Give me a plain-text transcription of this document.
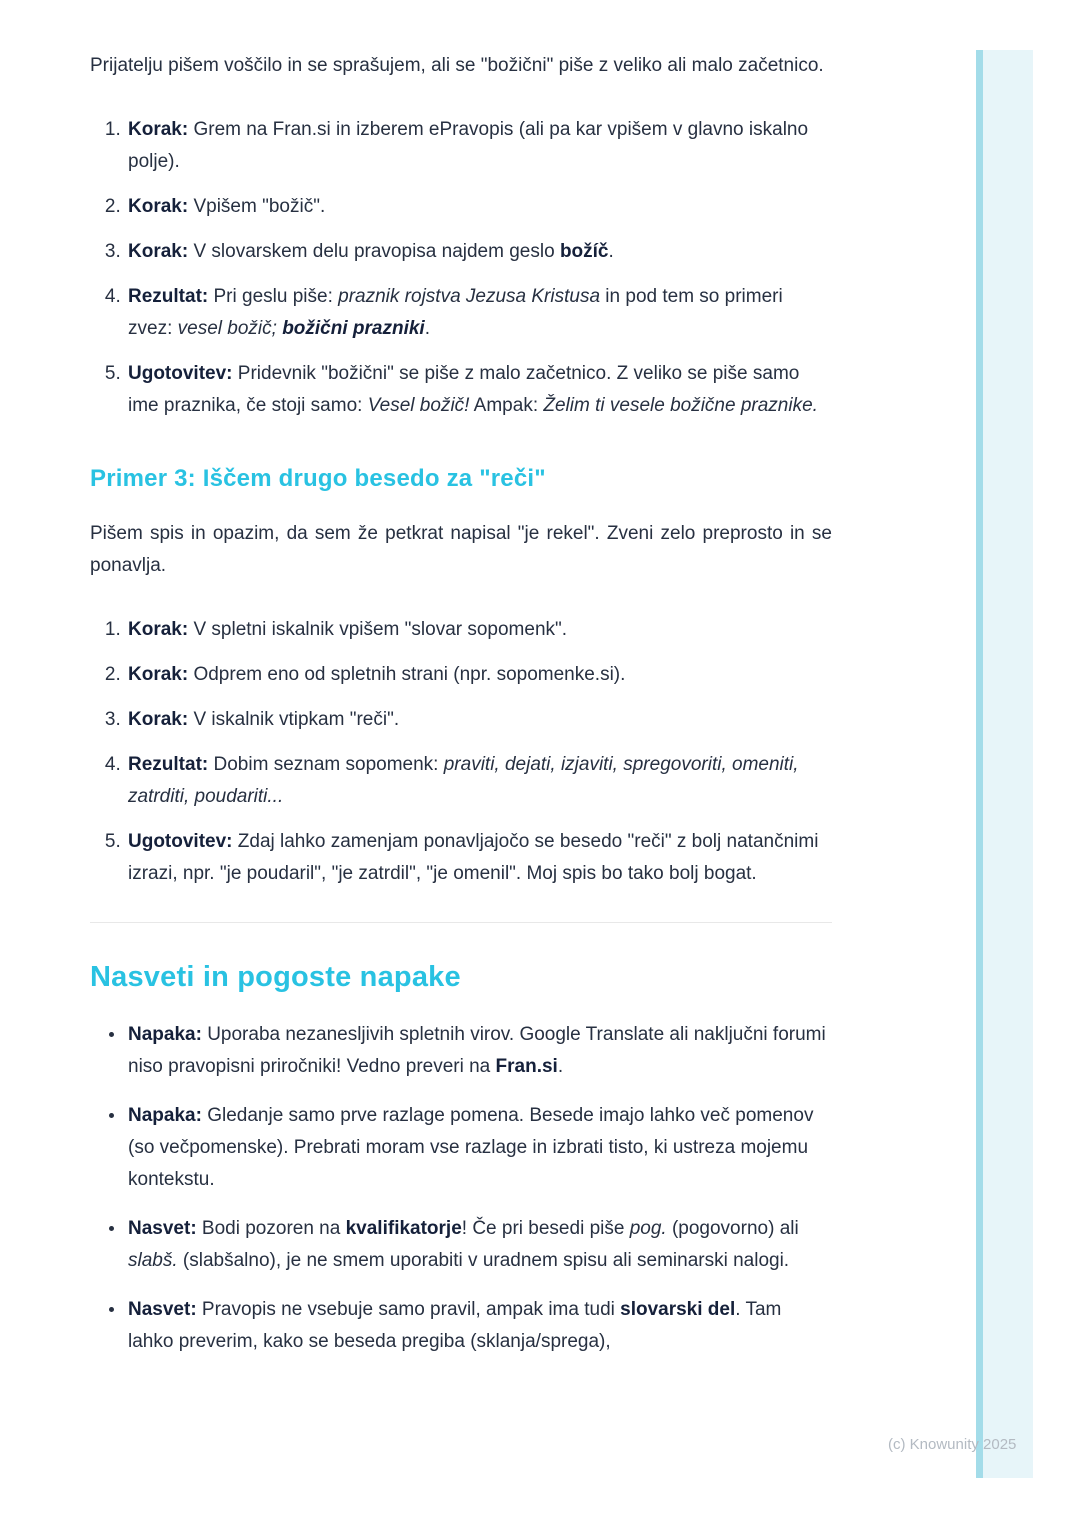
Prijatelju pišem voščilo in se sprašujem, ali se "božični" piše z veliko ali malo začetnico.

1. Korak: Grem na Fran.si in izberem ePravopis (ali pa kar vpišem v glavno iskalno polje).
2. Korak: Vpišem "božič".
3. Korak: V slovarskem delu pravopisa najdem geslo božíč.
4. Rezultat: Pri geslu piše: praznik rojstva Jezusa Kristusa in pod tem so primeri zvez: vesel božič; božični prazniki.
5. Ugotovitev: Pridevnik "božični" se piše z malo začetnico. Z veliko se piše samo ime praznika, če stoji samo: Vesel božič! Ampak: Želim ti vesele božične praznike.
Primer 3: Iščem drugo besedo za "reči"

Pišem spis in opazim, da sem že petkrat napisal "je rekel". Zveni zelo preprosto in se ponavlja.

1. Korak: V spletni iskalnik vpišem "slovar sopomenk".
2. Korak: Odprem eno od spletnih strani (npr. sopomenke.si).
3. Korak: V iskalnik vtipkam "reči".
4. Rezultat: Dobim seznam sopomenk: praviti, dejati, izjaviti, spregovoriti, omeniti, zatrditi, poudariti...
5. Ugotovitev: Zdaj lahko zamenjam ponavljajočo se besedo "reči" z bolj natančnimi izrazi, npr. "je poudaril", "je zatrdil", "je omenil". Moj spis bo tako bolj bogat.
Nasveti in pogoste napake
• Napaka: Uporaba nezanesljivih spletnih virov. Google Translate ali naključni forumi niso pravopisni priročniki! Vedno preveri na Fran.si.
• Napaka: Gledanje samo prve razlage pomena. Besede imajo lahko več pomenov (so večpomenske). Prebrati moram vse razlage in izbrati tisto, ki ustreza mojemu kontekstu.
• Nasvet: Bodi pozoren na kvalifikatorje! Če pri besedi piše pog. (pogovorno) ali slabš. (slabšalno), je ne smem uporabiti v uradnem spisu ali seminarski nalogi.
• Nasvet: Pravopis ne vsebuje samo pravil, ampak ima tudi slovarski del. Tam lahko preverim, kako se beseda pregiba (sklanja/sprega),
(c) Knowunity 2025
